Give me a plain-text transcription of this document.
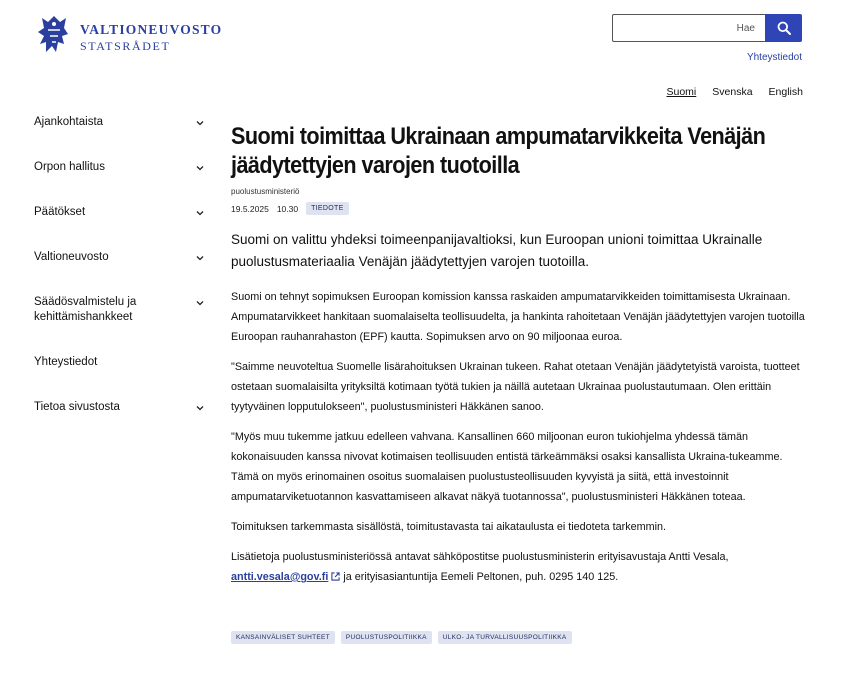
VALTIONEUVOSTO
STATSRÅDET
Hae
Yhteystiedot
Suomi Svenska English
Ajankohtaista
Orpon hallitus
Päätökset
Valtioneuvosto
Säädösvalmistelu ja kehittämishankkeet
Yhteystiedot
Tietoa sivustosta
Suomi toimittaa Ukrainaan ampumatarvikkeita Venäjän jäädytettyjen varojen tuotoilla
puolustusministeriö
19.5.2025 10.30	TIEDOTE
Suomi on valittu yhdeksi toimeenpanijavaltioksi, kun Euroopan unioni toimittaa Ukrainalle puolustusmateriaalia Venäjän jäädytettyjen varojen tuotoilla.

Suomi on tehnyt sopimuksen Euroopan komission kanssa raskaiden ampumatarvikkeiden toimittamisesta Ukrainaan. Ampumatarvikkeet hankitaan suomalaiselta teollisuudelta, ja hankinta rahoitetaan Venäjän jäädytettyjen varojen tuotoilla Euroopan rauhanrahaston (EPF) kautta. Sopimuksen arvo on 90 miljoonaa euroa.

"Saimme neuvoteltua Suomelle lisärahoituksen Ukrainan tukeen. Rahat otetaan Venäjän jäädytetyistä varoista, tuotteet ostetaan suomalaisilta yrityksiltä kotimaan työtä tukien ja näillä autetaan Ukrainaa puolustautumaan. Olen erittäin tyytyväinen lopputulokseen", puolustusministeri Häkkänen sanoo.

"Myös muu tukemme jatkuu edelleen vahvana. Kansallinen 660 miljoonan euron tukiohjelma yhdessä tämän kokonaisuuden kanssa nivovat kotimaisen teollisuuden entistä tärkeämmäksi osaksi kansallista Ukraina-tukeamme. Tämä on myös erinomainen osoitus suomalaisen puolustusteollisuuden kyvyistä ja siitä, että investoinnit ampumatarviketuotannon kasvattamiseen alkavat näkyä tuotannossa", puolustusministeri Häkkänen toteaa.

Toimituksen tarkemmasta sisällöstä, toimitustavasta tai aikataulusta ei tiedoteta tarkemmin.

Lisätietoja puolustusministeriössä antavat sähköpostitse puolustusministerin erityisavustaja Antti Vesala,
antti.vesala@gov.fi ja erityisasiantuntija Eemeli Peltonen, puh. 0295 140 125.

KANSAINVÄLISET SUHTEET	PUOLUSTUSPOLITIIKKA	ULKO- JA TURVALLISUUSPOLITIIKKA
